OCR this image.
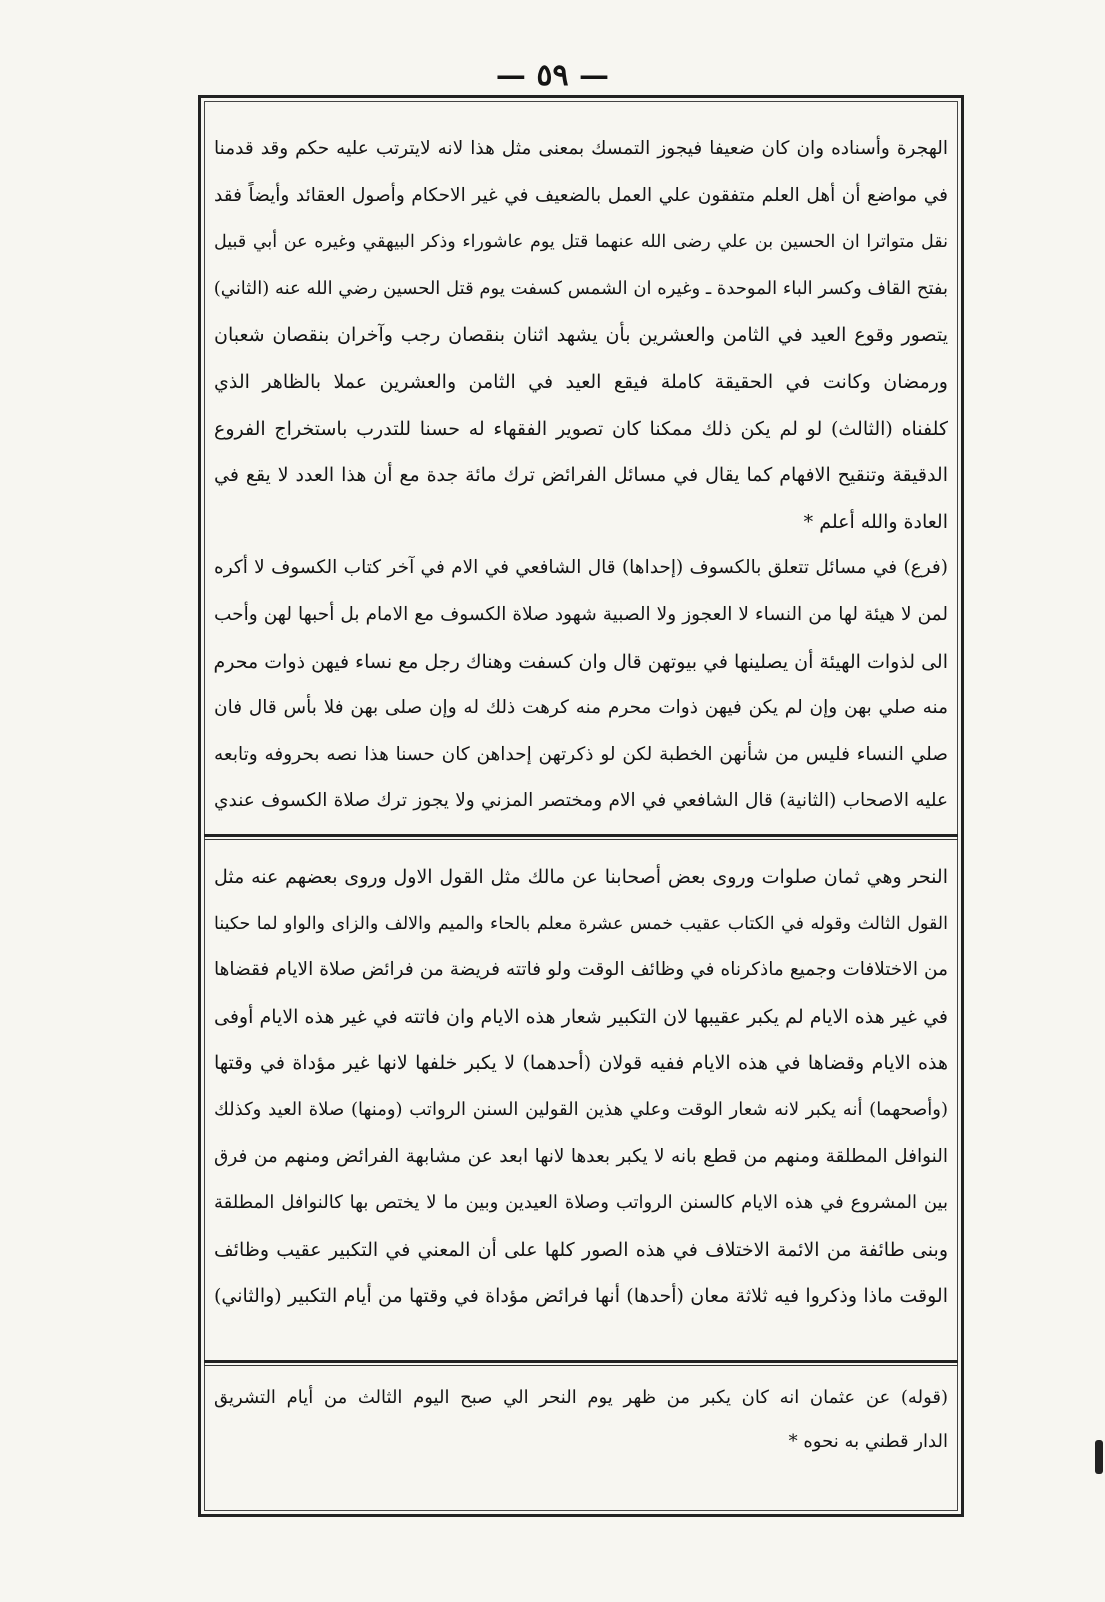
— ٥٩ —
الهجرة وأسناده وان كان ضعيفا فيجوز التمسك بمعنى مثل هذا لانه لايترتب عليه حكم وقد قدمنا
في مواضع أن أهل العلم متفقون علي العمل بالضعيف في غير الاحكام وأصول العقائد وأيضاً فقد
نقل متواترا ان الحسين بن علي رضى الله عنهما قتل يوم عاشوراء وذكر البيهقي وغيره عن أبي قبيل
بفتح القاف وكسر الباء الموحدة ـ وغيره ان الشمس كسفت يوم قتل الحسين رضي الله عنه (الثاني)
يتصور وقوع العيد في الثامن والعشرين بأن يشهد اثنان بنقصان رجب وآخران بنقصان شعبان
ورمضان وكانت في الحقيقة كاملة فيقع العيد في الثامن والعشرين عملا بالظاهر الذي
كلفناه (الثالث) لو لم يكن ذلك ممكنا كان تصوير الفقهاء له حسنا للتدرب باستخراج الفروع
الدقيقة وتنقيح الافهام كما يقال في مسائل الفرائض ترك مائة جدة مع أن هذا العدد لا يقع في
العادة والله أعلم *
(فرع) في مسائل تتعلق بالكسوف (إحداها) قال الشافعي في الام في آخر كتاب الكسوف لا أكره
لمن لا هيئة لها من النساء لا العجوز ولا الصبية شهود صلاة الكسوف مع الامام بل أحبها لهن وأحب
الى لذوات الهيئة أن يصلينها في بيوتهن قال وان كسفت وهناك رجل مع نساء فيهن ذوات محرم
منه صلي بهن وإن لم يكن فيهن ذوات محرم منه كرهت ذلك له وإن صلى بهن فلا بأس قال فان
صلي النساء فليس من شأنهن الخطبة لكن لو ذكرتهن إحداهن كان حسنا هذا نصه بحروفه وتابعه
عليه الاصحاب (الثانية) قال الشافعي في الام ومختصر المزني ولا يجوز ترك صلاة الكسوف عندي
النحر وهي ثمان صلوات وروى بعض أصحابنا عن مالك مثل القول الاول وروى بعضهم عنه مثل
القول الثالث وقوله في الكتاب عقيب خمس عشرة معلم بالحاء والميم والالف والزاى والواو لما حكينا
من الاختلافات وجميع ماذكرناه في وظائف الوقت ولو فاتته فريضة من فرائض صلاة الايام فقضاها
في غير هذه الايام لم يكبر عقيبها لان التكبير شعار هذه الايام وان فاتته في غير هذه الايام أوفى
هذه الايام وقضاها في هذه الايام ففيه قولان (أحدهما) لا يكبر خلفها لانها غير مؤداة في وقتها
(وأصحهما) أنه يكبر لانه شعار الوقت وعلي هذين القولين السنن الرواتب (ومنها) صلاة العيد وكذلك
النوافل المطلقة ومنهم من قطع بانه لا يكبر بعدها لانها ابعد عن مشابهة الفرائض ومنهم من فرق
بين المشروع في هذه الايام كالسنن الرواتب وصلاة العيدين وبين ما لا يختص بها كالنوافل المطلقة
وبنى طائفة من الائمة الاختلاف في هذه الصور كلها على أن المعني في التكبير عقيب وظائف
الوقت ماذا وذكروا فيه ثلاثة معان (أحدها) أنها فرائض مؤداة في وقتها من أيام التكبير (والثاني)
(قوله) عن عثمان انه كان يكبر من ظهر يوم النحر الي صبح اليوم الثالث من أيام التشريق
الدار قطني به نحوه *
